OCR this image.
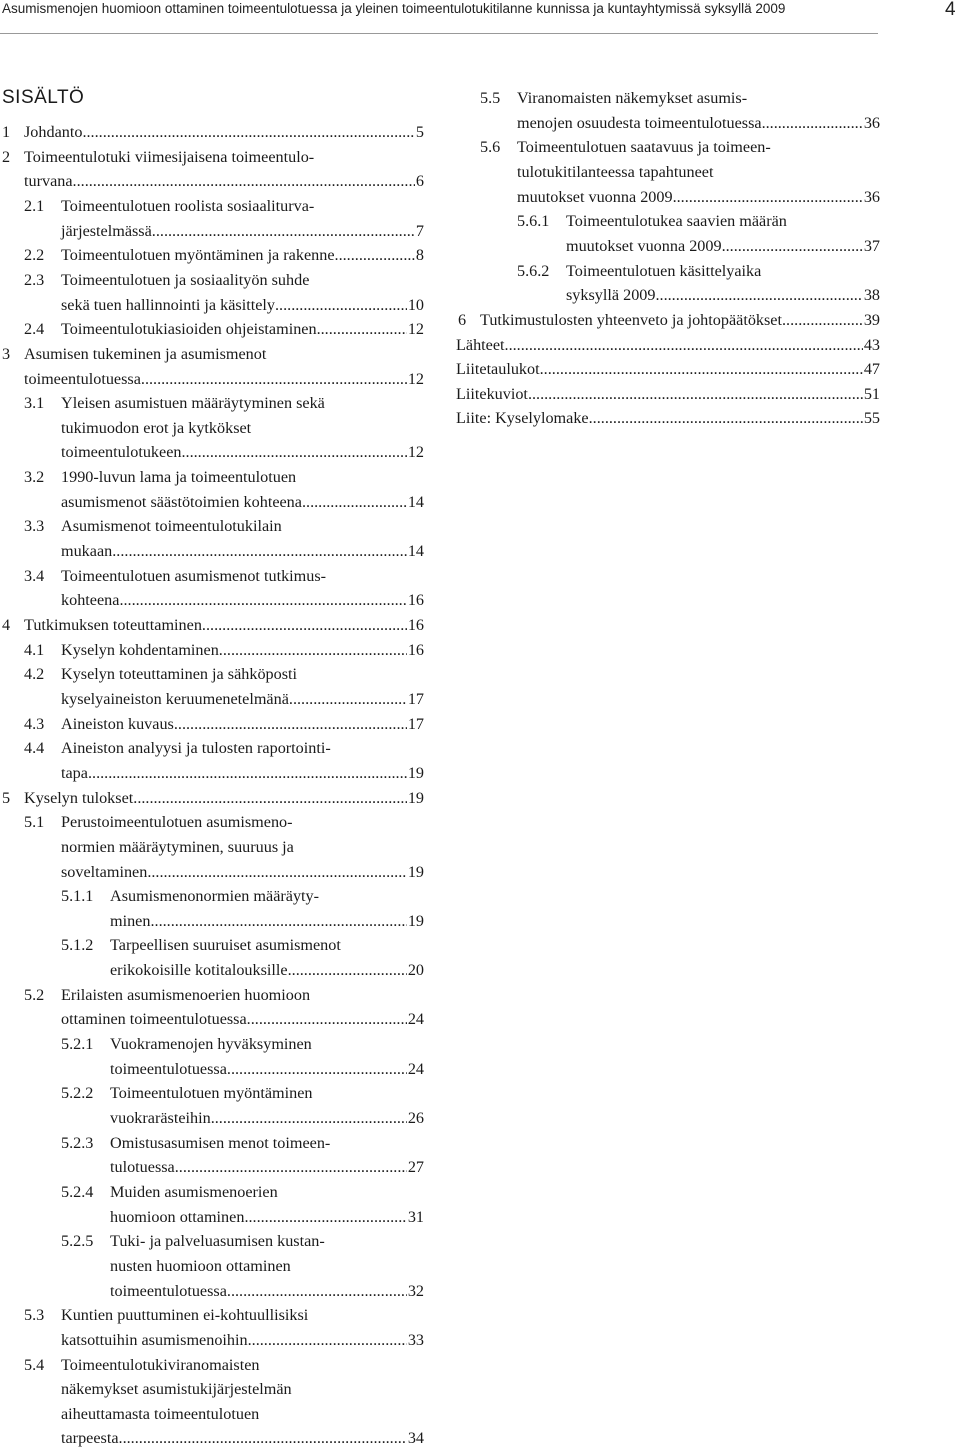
Asumismenojen huomioon ottaminen toimeentulotuessa ja yleinen toimeentulotukitilanne kunnissa ja kuntayhtymissä syksyllä 2009	4
SISÄLTÖ
1 Johdanto .....	5
2 Toimeentulotuki viimesijaisena toimeentulo-
turvana .....	6
2.1 Toimeentulotuen roolista sosiaaliturva-
järjestelmässä .....	7
2.2 Toimeentulotuen myöntäminen ja rakenne .....	8
2.3 Toimeentulotuen ja sosiaalityön suhde
sekä tuen hallinnointi ja käsittely .....	10
2.4 Toimeentulotukiasioiden ohjeistaminen .....	12
3 Asumisen tukeminen ja asumismenot
toimeentulotuessa .....	12
3.1 Yleisen asumistuen määräytyminen sekä
tukimuodon erot ja kytkökset
toimeentulotukeen .....	12
3.2 1990-luvun lama ja toimeentulotuen
asumismenot säästötoimien kohteena .....	14
3.3 Asumismenot toimeentulotukilain
mukaan .....	14
3.4 Toimeentulotuen asumismenot tutkimus-
kohteena .....	16
4 Tutkimuksen toteuttaminen .....	16
4.1 Kyselyn kohdentaminen .....	16
4.2 Kyselyn toteuttaminen ja sähköposti
kyselyaineiston keruumenetelmänä .....	17
4.3 Aineiston kuvaus .....	17
4.4 Aineiston analyysi ja tulosten raportointi-
tapa .....	19
5 Kyselyn tulokset .....	19
5.1 Perustoimeentulotuen asumismeno-
normien määräytyminen, suuruus ja
soveltaminen .....	19
5.1.1 Asumismenonormien määräyty-
minen .....	19
5.1.2 Tarpeellisen suuruiset asumismenot
erikokoisille kotitalouksille .....	20
5.2 Erilaisten asumismenoerien huomioon
ottaminen toimeentulotuessa .....	24
5.2.1 Vuokramenojen hyväksyminen
toimeentulotuessa .....	24
5.2.2 Toimeentulotuen myöntäminen
vuokrarästeihin .....	26
5.2.3 Omistusasumisen menot toimeen-
tulotuessa .....	27
5.2.4 Muiden asumismenoerien
huomioon ottaminen .....	31
5.2.5 Tuki- ja palveluasumisen kustan-
nusten huomioon ottaminen
toimeentulotuessa .....	32
5.3 Kuntien puuttuminen ei-kohtuullisiksi
katsottuihin asumismenoihin .....	33
5.4 Toimeentulotukiviranomaisten
näkemykset asumistukijärjestelmän
aiheuttamasta toimeentulotuen
tarpeesta .....	34
5.5 Viranomaisten näkemykset asumis-
menojen osuudesta toimeentulotuessa .....	36
5.6 Toimeentulotuen saatavuus ja toimeen-
tulotukitilanteessa tapahtuneet
muutokset vuonna 2009 .....	36
5.6.1 Toimeentulotukea saavien määrän
muutokset vuonna 2009 .....	37
5.6.2 Toimeentulotuen käsittelyaika
syksyllä 2009 .....	38
6 Tutkimustulosten yhteenveto ja johtopäätökset .....	39
Lähteet .....	43
Liitetaulukot .....	47
Liitekuviot .....	51
Liite: Kyselylomake .....	55
